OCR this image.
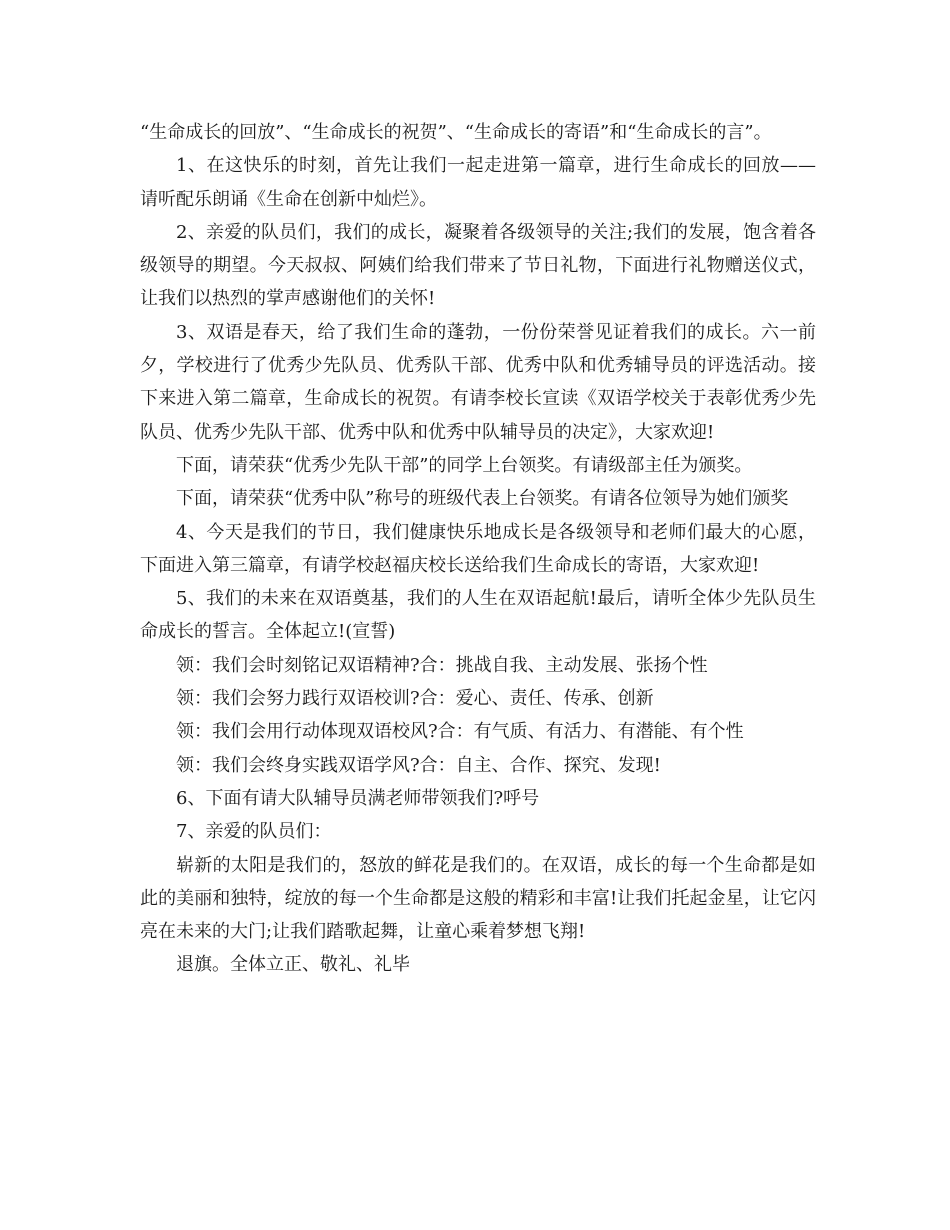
“生命成长的回放”、“生命成长的祝贺”、“生命成长的寄语”和“生命成长的言”。

1、在这快乐的时刻，首先让我们一起走进第一篇章，进行生命成长的回放——请听配乐朗诵《生命在创新中灿烂》。

2、亲爱的队员们，我们的成长，凝聚着各级领导的关注;我们的发展，饱含着各级领导的期望。今天叔叔、阿姨们给我们带来了节日礼物，下面进行礼物赠送仪式，让我们以热烈的掌声感谢他们的关怀!

3、双语是春天，给了我们生命的蓬勃，一份份荣誉见证着我们的成长。六一前夕，学校进行了优秀少先队员、优秀队干部、优秀中队和优秀辅导员的评选活动。接下来进入第二篇章，生命成长的祝贺。有请李校长宣读《双语学校关于表彰优秀少先队员、优秀少先队干部、优秀中队和优秀中队辅导员的决定》，大家欢迎!

下面，请荣获“优秀少先队干部”的同学上台领奖。有请级部主任为颁奖。

下面，请荣获“优秀中队”称号的班级代表上台领奖。有请各位领导为她们颁奖

4、今天是我们的节日，我们健康快乐地成长是各级领导和老师们最大的心愿，下面进入第三篇章，有请学校赵福庆校长送给我们生命成长的寄语，大家欢迎!

5、我们的未来在双语奠基，我们的人生在双语起航!最后，请听全体少先队员生命成长的誓言。全体起立!(宣誓)

领：我们会时刻铭记双语精神?合：挑战自我、主动发展、张扬个性

领：我们会努力践行双语校训?合：爱心、责任、传承、创新

领：我们会用行动体现双语校风?合：有气质、有活力、有潜能、有个性

领：我们会终身实践双语学风?合：自主、合作、探究、发现!

6、下面有请大队辅导员满老师带领我们?呼号

7、亲爱的队员们：

崭新的太阳是我们的，怒放的鲜花是我们的。在双语，成长的每一个生命都是如此的美丽和独特，绽放的每一个生命都是这般的精彩和丰富!让我们托起金星，让它闪亮在未来的大门;让我们踏歌起舞，让童心乘着梦想飞翔!

退旗。全体立正、敬礼、礼毕
